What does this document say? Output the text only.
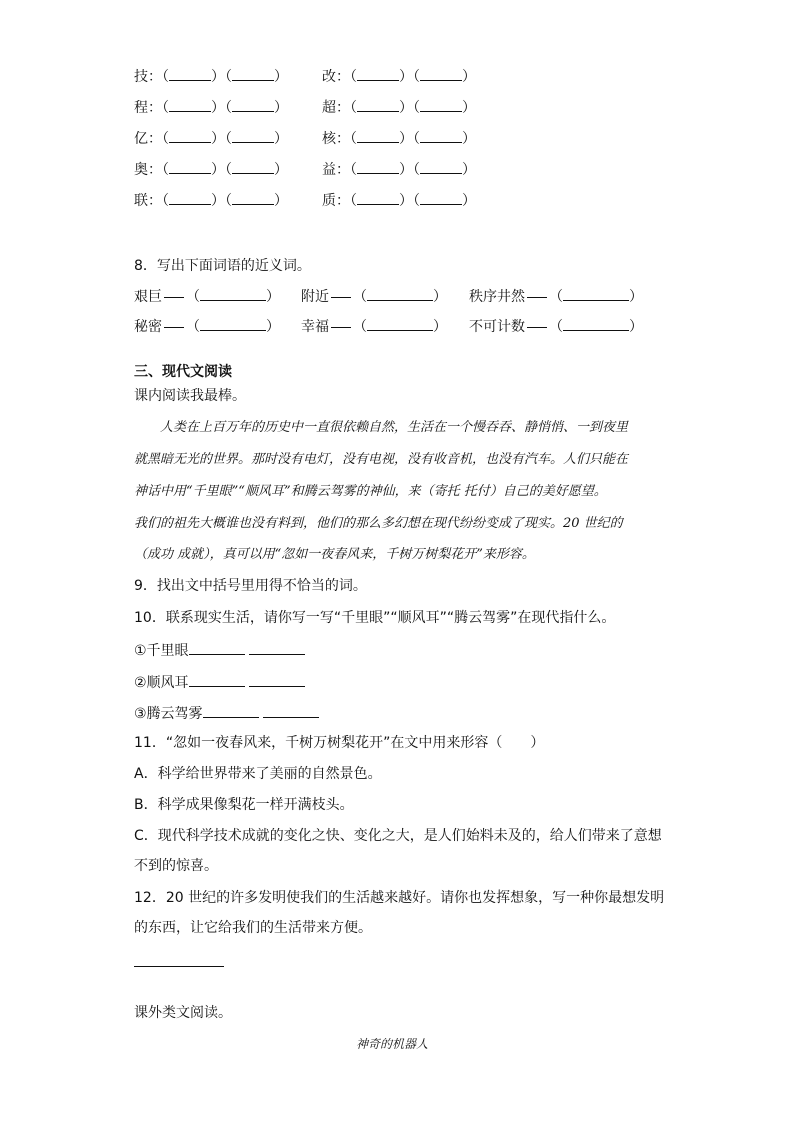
技：（	）（	） 改：（	）（	）
程：（	）（	） 超：（	）（	）
亿：（	）（	） 核：（	）（	）
奥：（	）（	） 益：（	）（	）
联：（	）（	） 质：（	）（	）
8．写出下面词语的近义词。
艰巨 （	） 附近 （	） 秩序井然 （	）
秘密 （	） 幸福 （	） 不可计数 （	）
三、现代文阅读
课内阅读我最棒。
人类在上百万年的历史中一直很依赖自然，生活在一个慢吞吞、静悄悄、一到夜里
就黑暗无光的世界。那时没有电灯，没有电视，没有收音机，也没有汽车。人们只能在
神话中用“千里眼”“顺风耳”和腾云驾雾的神仙，来（寄托 托付）自己的美好愿望。
我们的祖先大概谁也没有料到，他们的那么多幻想在现代纷纷变成了现实。20 世纪的
（成功 成就），真可以用“忽如一夜春风来，千树万树梨花开”来形容。
9．找出文中括号里用得不恰当的词。
10．联系现实生活，请你写一写“千里眼”“顺风耳”“腾云驾雾”在现代指什么。
①千里眼
②顺风耳
③腾云驾雾
11．“忽如一夜春风来，千树万树梨花开”在文中用来形容（　　）
A．科学给世界带来了美丽的自然景色。
B．科学成果像梨花一样开满枝头。
C．现代科学技术成就的变化之快、变化之大，是人们始料未及的，给人们带来了意想
不到的惊喜。
12．20 世纪的许多发明使我们的生活越来越好。请你也发挥想象，写一种你最想发明
的东西，让它给我们的生活带来方便。
课外类文阅读。
神奇的机器人
